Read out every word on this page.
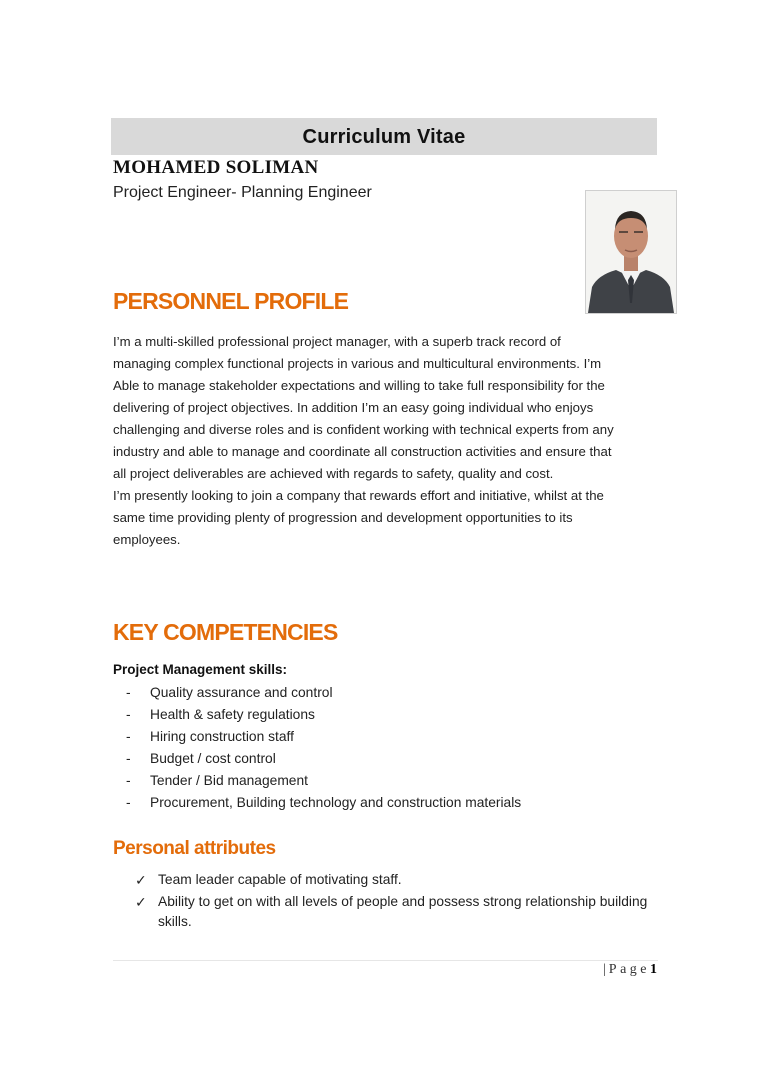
Curriculum Vitae
MOHAMED SOLIMAN
Project Engineer- Planning Engineer
PERSONNEL PROFILE

I’m a multi-skilled professional project manager, with a superb track record of

managing complex functional projects in various and multicultural environments. I’m

Able to manage stakeholder expectations and willing to take full responsibility for the

delivering of project objectives. In addition I’m an easy going individual who enjoys

challenging and diverse roles and is confident working with technical experts from any

industry and able to manage and coordinate all construction activities and ensure that

all project deliverables are achieved with regards to safety, quality and cost.

I’m presently looking to join a company that rewards effort and initiative, whilst at the

same time providing plenty of progression and development opportunities to its

employees.

KEY COMPETENCIES
Project Management skills:
-	Quality assurance and control
-	Health & safety regulations
-	Hiring construction staff
-	Budget / cost control
-	Tender / Bid management
-	Procurement, Building technology and construction materials
Personal attributes
✓ Team leader capable of motivating staff.
✓ Ability to get on with all levels of people and possess strong relationship building skills.
| Page1
